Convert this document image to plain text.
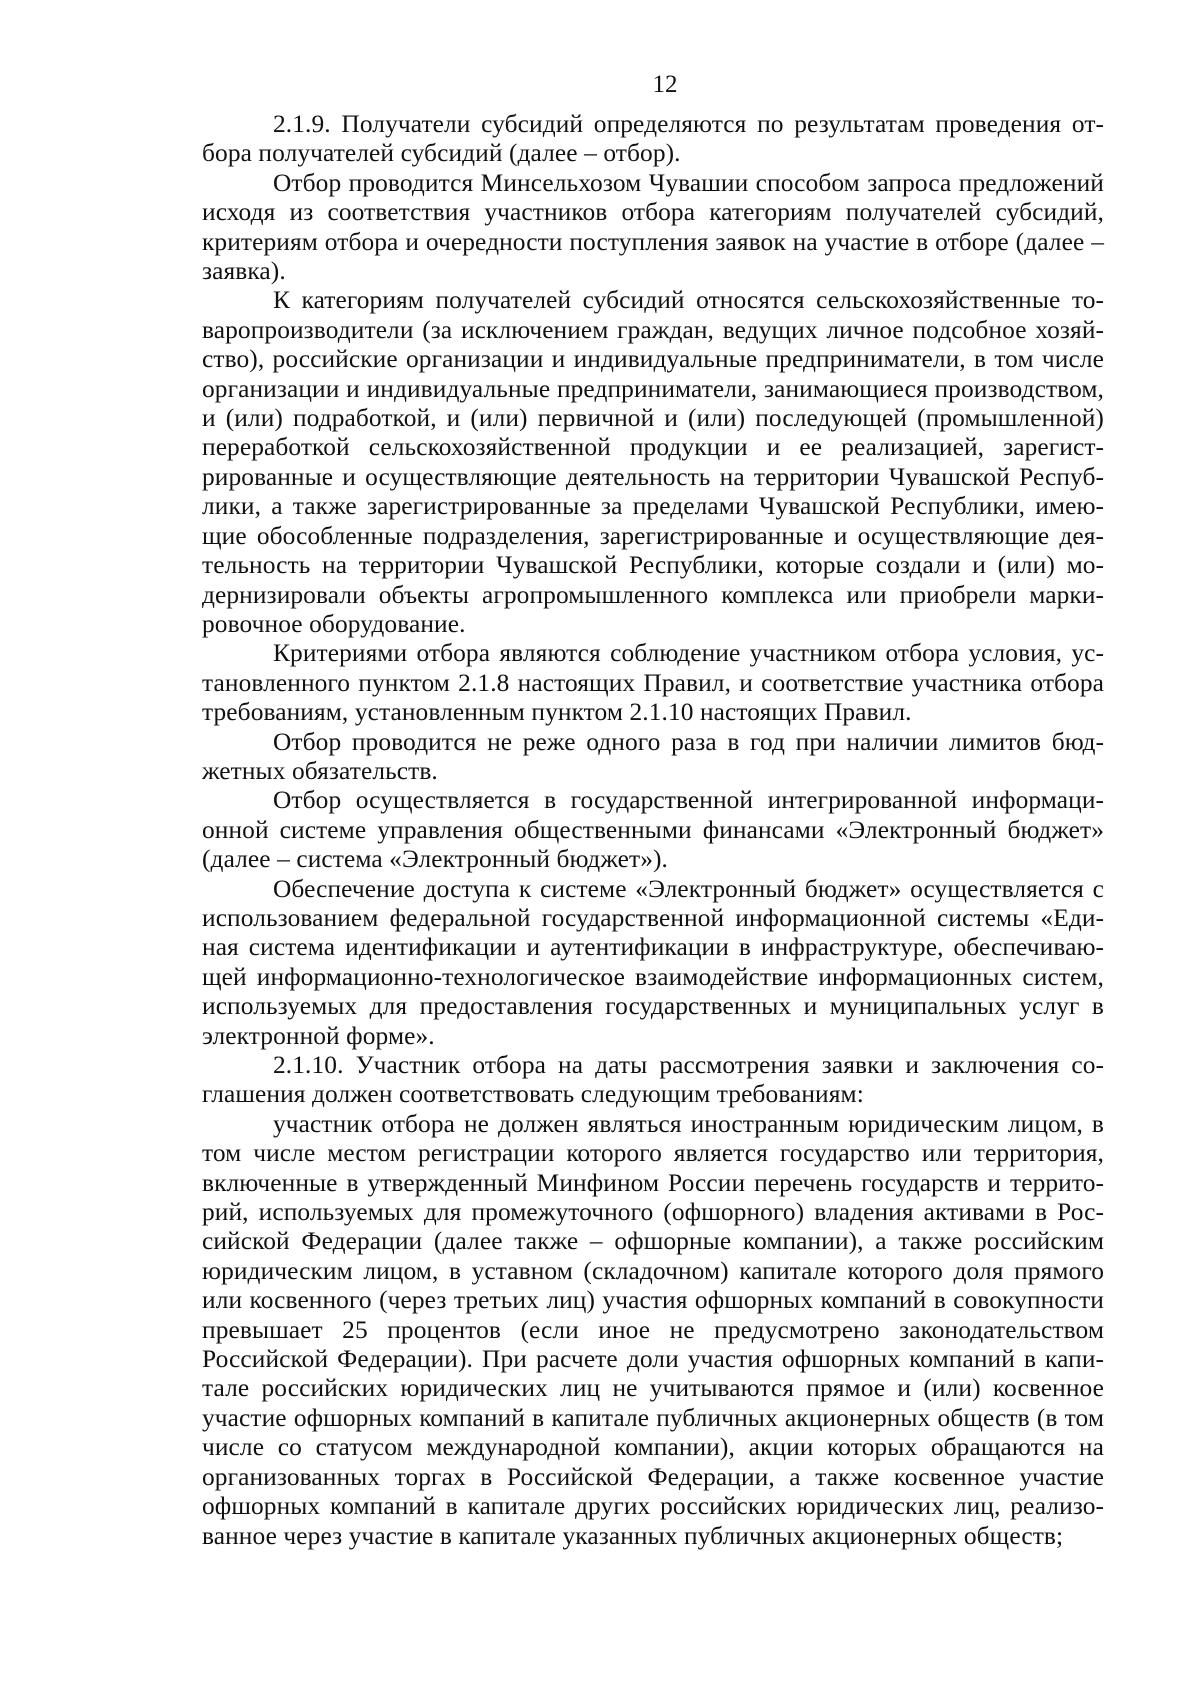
12

2.1.9. Получатели субсидий определяются по результатам проведения отбора получателей субсидий (далее – отбор).

Отбор проводится Минсельхозом Чувашии способом запроса предложений исходя из соответствия участников отбора категориям получателей субсидий, критериям отбора и очередности поступления заявок на участие в отборе (далее – заявка).

К категориям получателей субсидий относятся сельскохозяйственные товаропроизводители (за исключением граждан, ведущих личное подсобное хозяйство), российские организации и индивидуальные предприниматели, в том числе организации и индивидуальные предприниматели, занимающиеся производством, и (или) подработкой, и (или) первичной и (или) последующей (промышленной) переработкой сельскохозяйственной продукции и ее реализацией, зарегистрированные и осуществляющие деятельность на территории Чувашской Республики, а также зарегистрированные за пределами Чувашской Республики, имеющие обособленные подразделения, зарегистрированные и осуществляющие деятельность на территории Чувашской Республики, которые создали и (или) модернизировали объекты агропромышленного комплекса или приобрели маркировочное оборудование.

Критериями отбора являются соблюдение участником отбора условия, установленного пунктом 2.1.8 настоящих Правил, и соответствие участника отбора требованиям, установленным пунктом 2.1.10 настоящих Правил.

Отбор проводится не реже одного раза в год при наличии лимитов бюджетных обязательств.

Отбор осуществляется в государственной интегрированной информационной системе управления общественными финансами «Электронный бюджет» (далее – система «Электронный бюджет»).

Обеспечение доступа к системе «Электронный бюджет» осуществляется с использованием федеральной государственной информационной системы «Единая система идентификации и аутентификации в инфраструктуре, обеспечивающей информационно-технологическое взаимодействие информационных систем, используемых для предоставления государственных и муниципальных услуг в электронной форме».

2.1.10. Участник отбора на даты рассмотрения заявки и заключения соглашения должен соответствовать следующим требованиям:

участник отбора не должен являться иностранным юридическим лицом, в том числе местом регистрации которого является государство или территория, включенные в утвержденный Минфином России перечень государств и территорий, используемых для промежуточного (офшорного) владения активами в Российской Федерации (далее также – офшорные компании), а также российским юридическим лицом, в уставном (складочном) капитале которого доля прямого или косвенного (через третьих лиц) участия офшорных компаний в совокупности превышает 25 процентов (если иное не предусмотрено законодательством Российской Федерации). При расчете доли участия офшорных компаний в капитале российских юридических лиц не учитываются прямое и (или) косвенное участие офшорных компаний в капитале публичных акционерных обществ (в том числе со статусом международной компании), акции которых обращаются на организованных торгах в Российской Федерации, а также косвенное участие офшорных компаний в капитале других российских юридических лиц, реализованное через участие в капитале указанных публичных акционерных обществ;
